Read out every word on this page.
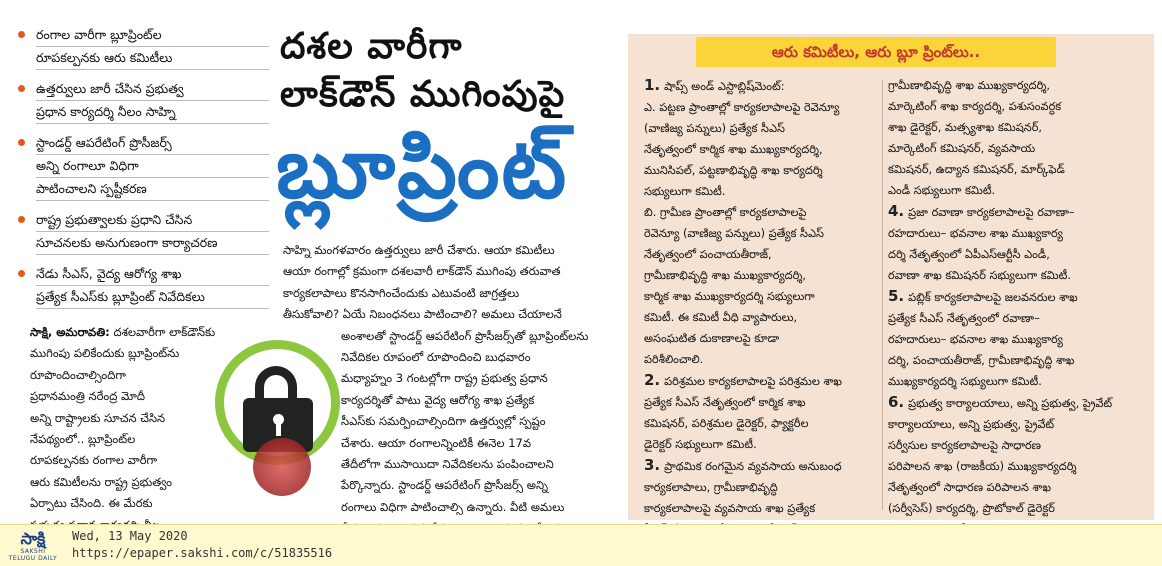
రంగాల వారీగా బ్లూప్రింట్‌ల
రూపకల్పనకు ఆరు కమిటీలు
ఉత్తర్వులు జారీ చేసిన ప్రభుత్వ
ప్రధాన కార్యదర్శి నీలం సాహ్ని
స్టాండర్డ్‌ ఆపరేటింగ్‌ ప్రొసీజర్స్‌
అన్ని రంగాలూ విధిగా
పాటించాలని స్పష్టీకరణ
రాష్ట్ర ప్రభుత్వాలకు ప్రధాని చేసిన
సూచనలకు అనుగుణంగా కార్యాచరణ
నేడు సీఎస్, వైద్య ఆరోగ్య శాఖ
ప్రత్యేక సీఎస్‌కు బ్లూప్రింట్‌ నివేదికలు
దశల వారీగా
లాక్‌డౌన్‌ ముగింపుపై
బ్లూప్రింట్‌
సాక్షి, అమరావతి: దశలవారీగా లాక్‌డౌన్‌కు
ముగింపు పలికేందుకు బ్లూప్రింట్‌ను
రూపొందించాల్సిందిగా
ప్రధానమంత్రి నరేంద్ర మోదీ
అన్ని రాష్ట్రాలకు సూచన చేసిన
నేపథ్యంలో.. బ్లూప్రింట్‌ల
రూపకల్పనకు రంగాల వారీగా
ఆరు కమిటీలను రాష్ట్ర ప్రభుత్వం
ఏర్పాటు చేసింది. ఈ మేరకు
సాహ్ని మంగళవారం ఉత్తర్వులు జారీ చేశారు. ఆయా కమిటీలు
ఆయా రంగాల్లో క్రమంగా దశలవారీ లాక్‌డౌన్‌ ముగింపు తరువాత
కార్యకలాపాలు కొనసాగించేందుకు ఎటువంటి జాగ్రత్తలు
తీసుకోవాలి? ఏయే నిబంధనలు పాటించాలి? అమలు చేయాలనే
అంశాలతో స్టాండర్డ్‌ ఆపరేటింగ్‌ ప్రొసీజర్స్‌తో బ్లూప్రింట్‌లను
నివేదికల రూపంలో రూపొందించి బుధవారం
మధ్యాహ్నం 3 గంటల్లోగా రాష్ట్ర ప్రభుత్వ ప్రధాన
కార్యదర్శితో పాటు వైద్య ఆరోగ్య శాఖ ప్రత్యేక
సీఎస్‌కు సమర్పించాల్సిందిగా ఉత్తర్వుల్లో స్పష్టం
చేశారు. ఆయా రంగాలన్నింటికీ ఈనెల 17వ
తేదీలోగా ముసాయిదా నివేదికలను పంపించాలని
పేర్కొన్నారు. స్టాండర్డ్‌ ఆపరేటింగ్‌ ప్రొసీజర్స్‌ అన్ని
రంగాలు విధిగా పాటించాల్సి ఉన్నారు. వీటి అమలు
ఆరు కమిటీలు, ఆరు బ్లూ ప్రింట్‌లు..
1. షాప్స్‌ అండ్‌ ఎస్టాబ్లిష్‌మెంట్‌:
ఎ. పట్టణ ప్రాంతాల్లో కార్యకలాపాలపై రెవెన్యూ
(వాణిజ్య పన్నులు) ప్రత్యేక సీఎస్‌
నేతృత్వంలో కార్మిక శాఖ ముఖ్యకార్యదర్శి,
మునిసిపల్, పట్టణాభివృద్ధి శాఖ కార్యదర్శి
సభ్యులుగా కమిటీ.
బి. గ్రామీణ ప్రాంతాల్లో కార్యకలాపాలపై
రెవెన్యూ (వాణిజ్య పన్నులు) ప్రత్యేక సీఎస్‌
నేతృత్వంలో పంచాయతీరాజ్,
గ్రామీణాభివృద్ధి శాఖ ముఖ్యకార్యదర్శి,
కార్మిక శాఖ ముఖ్యకార్యదర్శి సభ్యులుగా
కమిటీ. ఈ కమిటీ వీధి వ్యాపారులు,
అసంఘటిత దుకాణాలపై కూడా
పరిశీలించాలి.
2. పరిశ్రమల కార్యకలాపాలపై పరిశ్రమల శాఖ
ప్రత్యేక సీఎస్‌ నేతృత్వంలో కార్మిక శాఖ
కమిషనర్, పరిశ్రమల డైరెక్టర్, ఫ్యాక్టరీల
డైరెక్టర్‌ సభ్యులుగా కమిటీ.
3. ప్రాథమిక రంగమైన వ్యవసాయ అనుబంధ
కార్యకలాపాలు, గ్రామీణాభివృద్ధి
కార్యకలాపాలపై వ్యవసాయ శాఖ ప్రత్యేక
గ్రామీణాభివృద్ధి శాఖ ముఖ్యకార్యదర్శి,
మార్కెటింగ్‌ శాఖ కార్యదర్శి, పశుసంవర్ధక
శాఖ డైరెక్టర్, మత్స్యశాఖ కమిషనర్,
మార్కెటింగ్‌ కమిషనర్, వ్యవసాయ
కమిషనర్, ఉద్యాన కమిషనర్, మార్క్‌ఫెడ్‌
ఎండీ సభ్యులుగా కమిటీ.
4. ప్రజా రవాణా కార్యకలాపాలపై రవాణా–
రహదారులు– భవనాల శాఖ ముఖ్యకార్య
దర్శి నేతృత్వంలో ఏపీఎస్‌ఆర్టీసీ ఎండీ,
రవాణా శాఖ కమిషనర్‌ సభ్యులుగా కమిటీ.
5. పబ్లిక్‌ కార్యకలాపాలపై జలవనరుల శాఖ
ప్రత్యేక సీఎస్‌ నేతృత్వంలో రవాణా–
రహదారులు– భవనాల శాఖ ముఖ్యకార్య
దర్శి, పంచాయతీరాజ్, గ్రామీణాభివృద్ధి శాఖ
ముఖ్యకార్యదర్శి సభ్యులుగా కమిటీ.
6. ప్రభుత్వ కార్యాలయాలు, అన్ని ప్రభుత్వ, ప్రైవేట్‌
కార్యాలయాలు, అన్ని ప్రభుత్వ, ప్రైవేట్‌
సర్వీసుల కార్యకలాపాలపై సాధారణ
పరిపాలన శాఖ (రాజకీయ) ముఖ్యకార్యదర్శి
నేతృత్వంలో సాధారణ పరిపాలన శాఖ
(సర్వీసెస్‌) కార్యదర్శి, ప్రొటోకాల్‌ డైరెక్టర్‌
సాక్షి
SAKSHI TELUGU DAILY
Wed, 13 May 2020
https://epaper.sakshi.com/c/51835516
